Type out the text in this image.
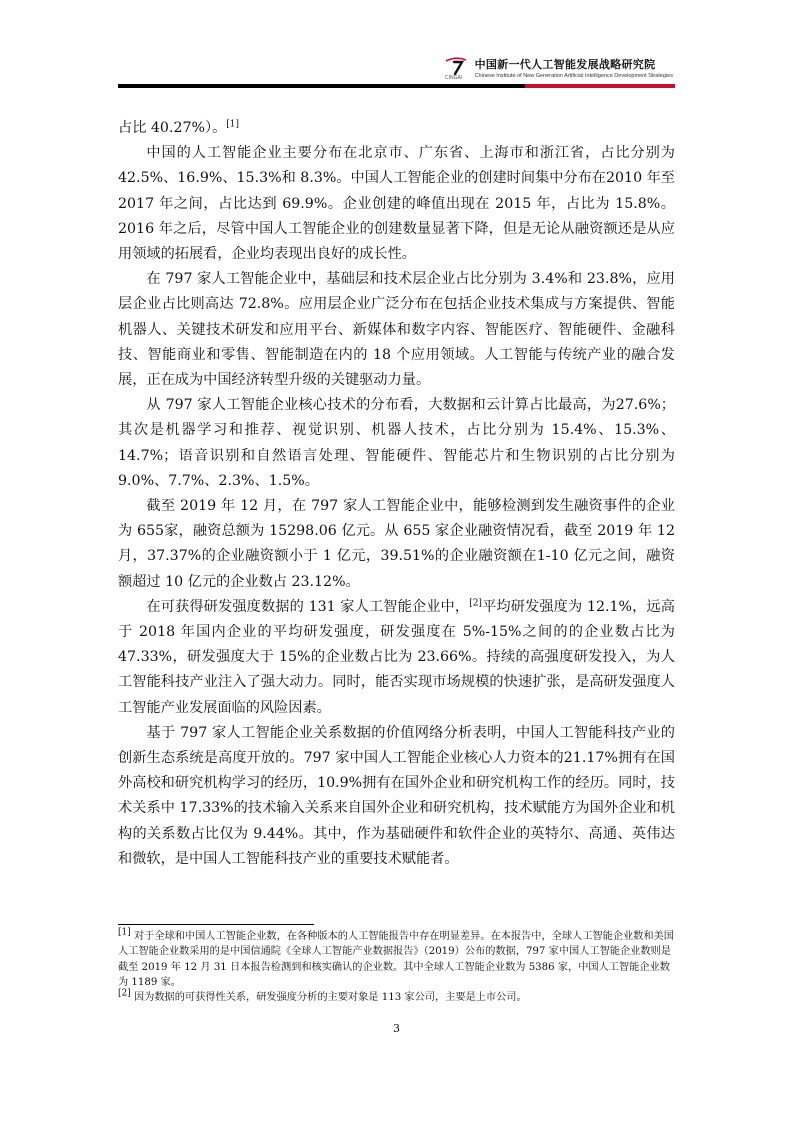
CINGAI
中国新一代人工智能发展战略研究院
Chinese Institute of New Generation Artificial Intelligence Development Strategies

占比 40.27%）。[1]

中国的人工智能企业主要分布在北京市、广东省、上海市和浙江省，占比分别为 42.5%、16.9%、15.3%和 8.3%。中国人工智能企业的创建时间集中分布在2010 年至 2017 年之间，占比达到 69.9%。企业创建的峰值出现在 2015 年，占比为 15.8%。2016 年之后，尽管中国人工智能企业的创建数量显著下降，但是无论从融资额还是从应用领域的拓展看，企业均表现出良好的成长性。

在 797 家人工智能企业中，基础层和技术层企业占比分别为 3.4%和 23.8%，应用层企业占比则高达 72.8%。应用层企业广泛分布在包括企业技术集成与方案提供、智能机器人、关键技术研发和应用平台、新媒体和数字内容、智能医疗、智能硬件、金融科技、智能商业和零售、智能制造在内的 18 个应用领域。人工智能与传统产业的融合发展，正在成为中国经济转型升级的关键驱动力量。

从 797 家人工智能企业核心技术的分布看，大数据和云计算占比最高，为27.6%；其次是机器学习和推荐、视觉识别、机器人技术，占比分别为 15.4%、15.3%、14.7%；语音识别和自然语言处理、智能硬件、智能芯片和生物识别的占比分别为 9.0%、7.7%、2.3%、1.5%。

截至 2019 年 12 月，在 797 家人工智能企业中，能够检测到发生融资事件的企业为 655家，融资总额为 15298.06 亿元。从 655 家企业融资情况看，截至 2019 年 12 月，37.37%的企业融资额小于 1 亿元，39.51%的企业融资额在1-10 亿元之间，融资额超过 10 亿元的企业数占 23.12%。

在可获得研发强度数据的 131 家人工智能企业中，[2]平均研发强度为 12.1%，远高于 2018 年国内企业的平均研发强度，研发强度在 5%-15%之间的的企业数占比为 47.33%，研发强度大于 15%的企业数占比为 23.66%。持续的高强度研发投入，为人工智能科技产业注入了强大动力。同时，能否实现市场规模的快速扩张，是高研发强度人工智能产业发展面临的风险因素。

基于 797 家人工智能企业关系数据的价值网络分析表明，中国人工智能科技产业的创新生态系统是高度开放的。797 家中国人工智能企业核心人力资本的21.17%拥有在国外高校和研究机构学习的经历，10.9%拥有在国外企业和研究机构工作的经历。同时，技术关系中 17.33%的技术输入关系来自国外企业和研究机构，技术赋能方为国外企业和机构的关系数占比仅为 9.44%。其中，作为基础硬件和软件企业的英特尔、高通、英伟达和微软，是中国人工智能科技产业的重要技术赋能者。

[1] 对于全球和中国人工智能企业数，在各种版本的人工智能报告中存在明显差异。在本报告中，全球人工智能企业数和美国人工智能企业数采用的是中国信通院《全球人工智能产业数据报告》（2019）公布的数据，797 家中国人工智能企业数则是截至 2019 年 12 月 31 日本报告检测到和核实确认的企业数。其中全球人工智能企业数为 5386 家，中国人工智能企业数为 1189 家。

[2] 因为数据的可获得性关系，研发强度分析的主要对象是 113 家公司，主要是上市公司。

3
